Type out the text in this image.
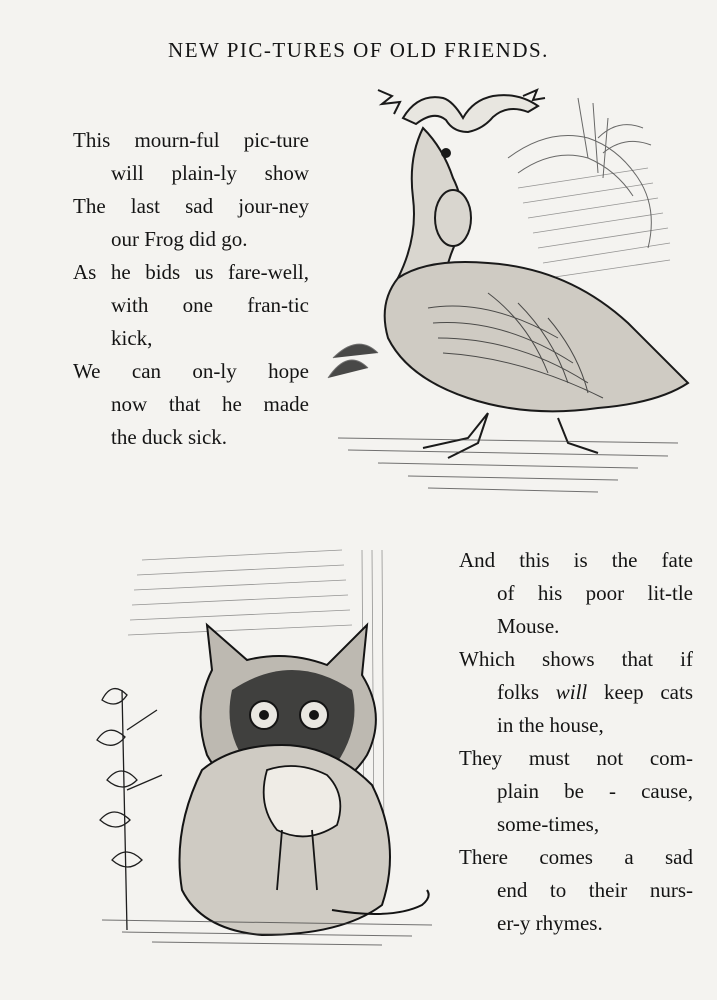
NEW PIC-TURES OF OLD FRIENDS.
This mourn-ful pic-ture
will plain-ly show
The last sad jour-ney
our Frog did go.
As he bids us fare-well,
with one fran-tic
kick,
We can on-ly hope
now that he made
the duck sick.
And this is the fate
of his poor lit-tle
Mouse.
Which shows that if
folks will keep cats
in the house,
They must not com-
plain be - cause,
some-times,
There comes a sad
end to their nurs-
er-y rhymes.
